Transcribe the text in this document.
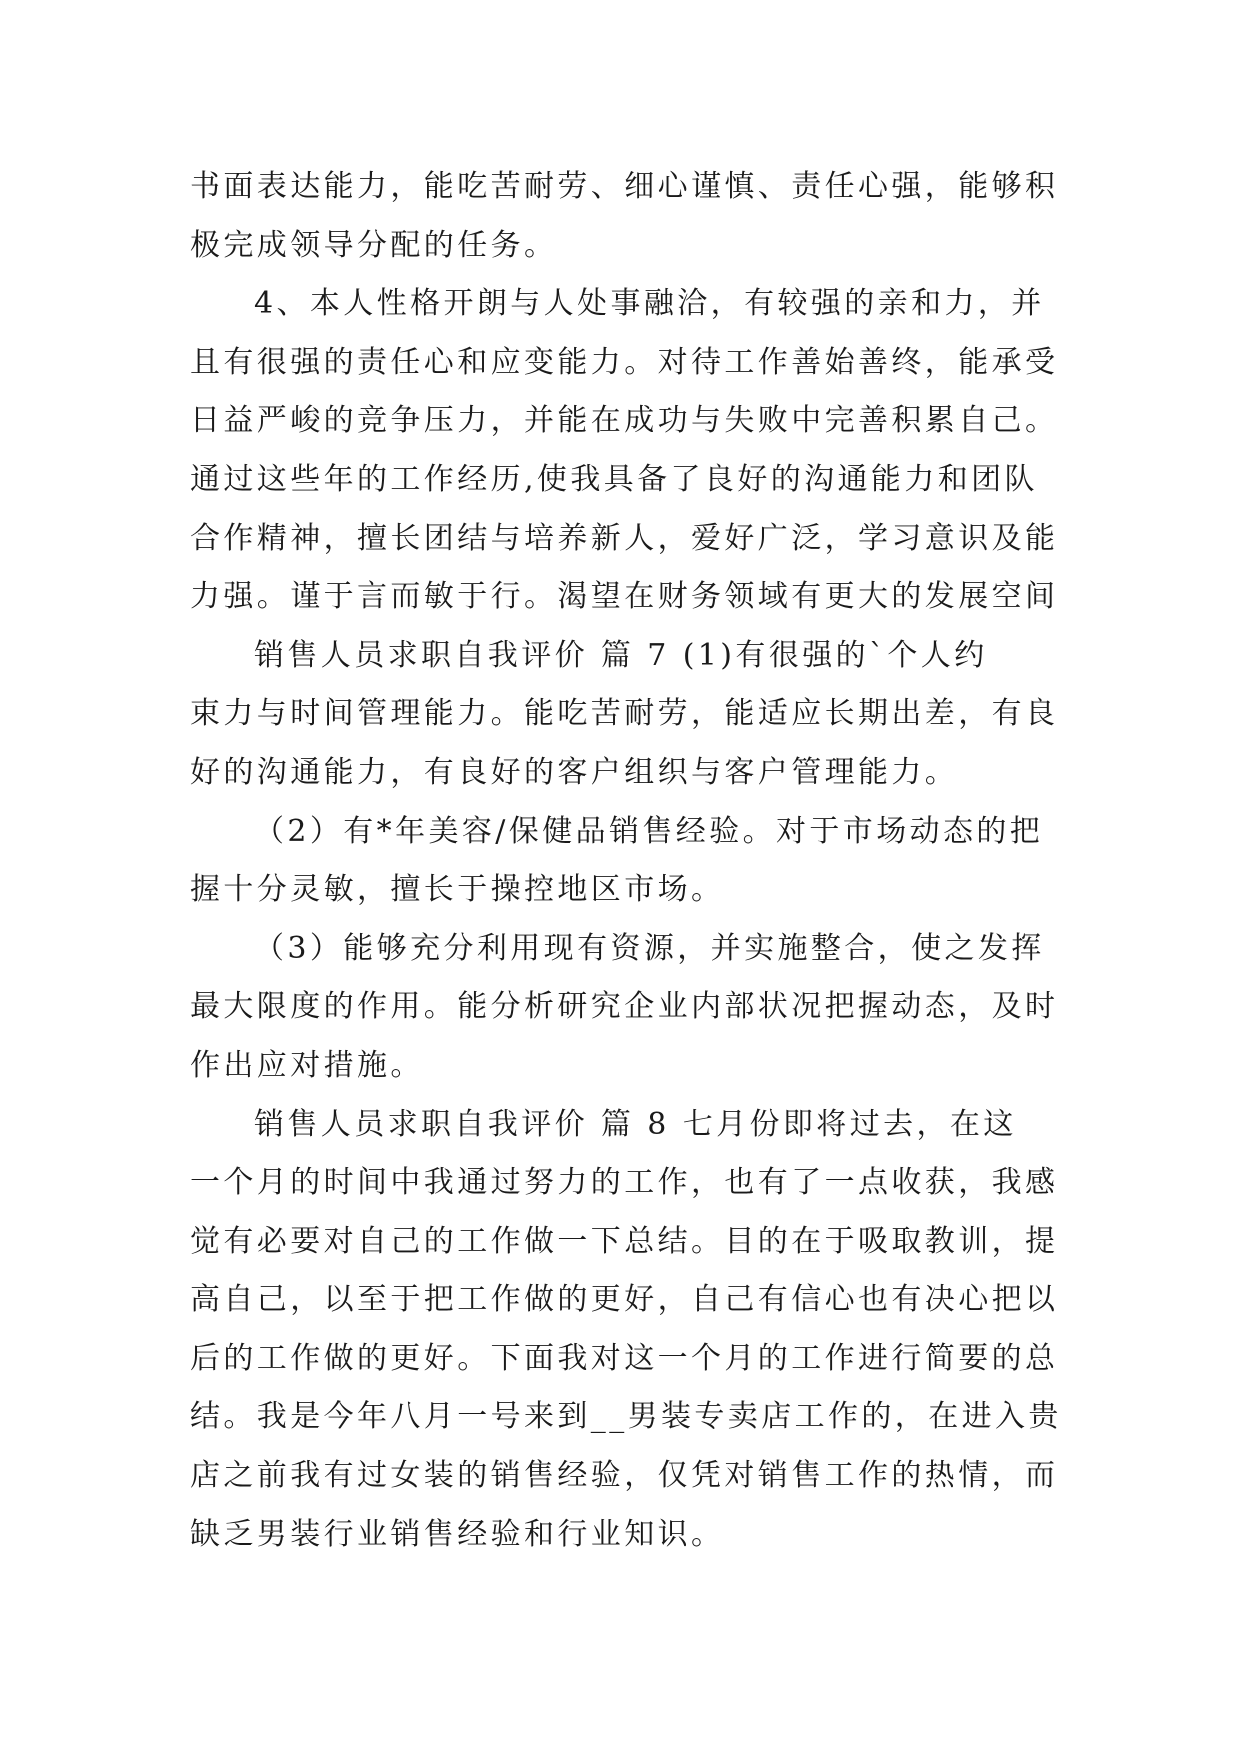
书面表达能力，能吃苦耐劳、细心谨慎、责任心强，能够积
极完成领导分配的任务。
4、本人性格开朗与人处事融洽，有较强的亲和力，并
且有很强的责任心和应变能力。对待工作善始善终，能承受
日益严峻的竞争压力，并能在成功与失败中完善积累自己。
通过这些年的工作经历,使我具备了良好的沟通能力和团队
合作精神，擅长团结与培养新人，爱好广泛，学习意识及能
力强。谨于言而敏于行。渴望在财务领域有更大的发展空间
销售人员求职自我评价 篇 7 (1)有很强的`个人约
束力与时间管理能力。能吃苦耐劳，能适应长期出差，有良
好的沟通能力，有良好的客户组织与客户管理能力。
（2）有*年美容/保健品销售经验。对于市场动态的把
握十分灵敏，擅长于操控地区市场。
（3）能够充分利用现有资源，并实施整合，使之发挥
最大限度的作用。能分析研究企业内部状况把握动态，及时
作出应对措施。
销售人员求职自我评价 篇 8 七月份即将过去，在这
一个月的时间中我通过努力的工作，也有了一点收获，我感
觉有必要对自己的工作做一下总结。目的在于吸取教训，提
高自己，以至于把工作做的更好，自己有信心也有决心把以
后的工作做的更好。下面我对这一个月的工作进行简要的总
结。我是今年八月一号来到__男装专卖店工作的，在进入贵
店之前我有过女装的销售经验，仅凭对销售工作的热情，而
缺乏男装行业销售经验和行业知识。
